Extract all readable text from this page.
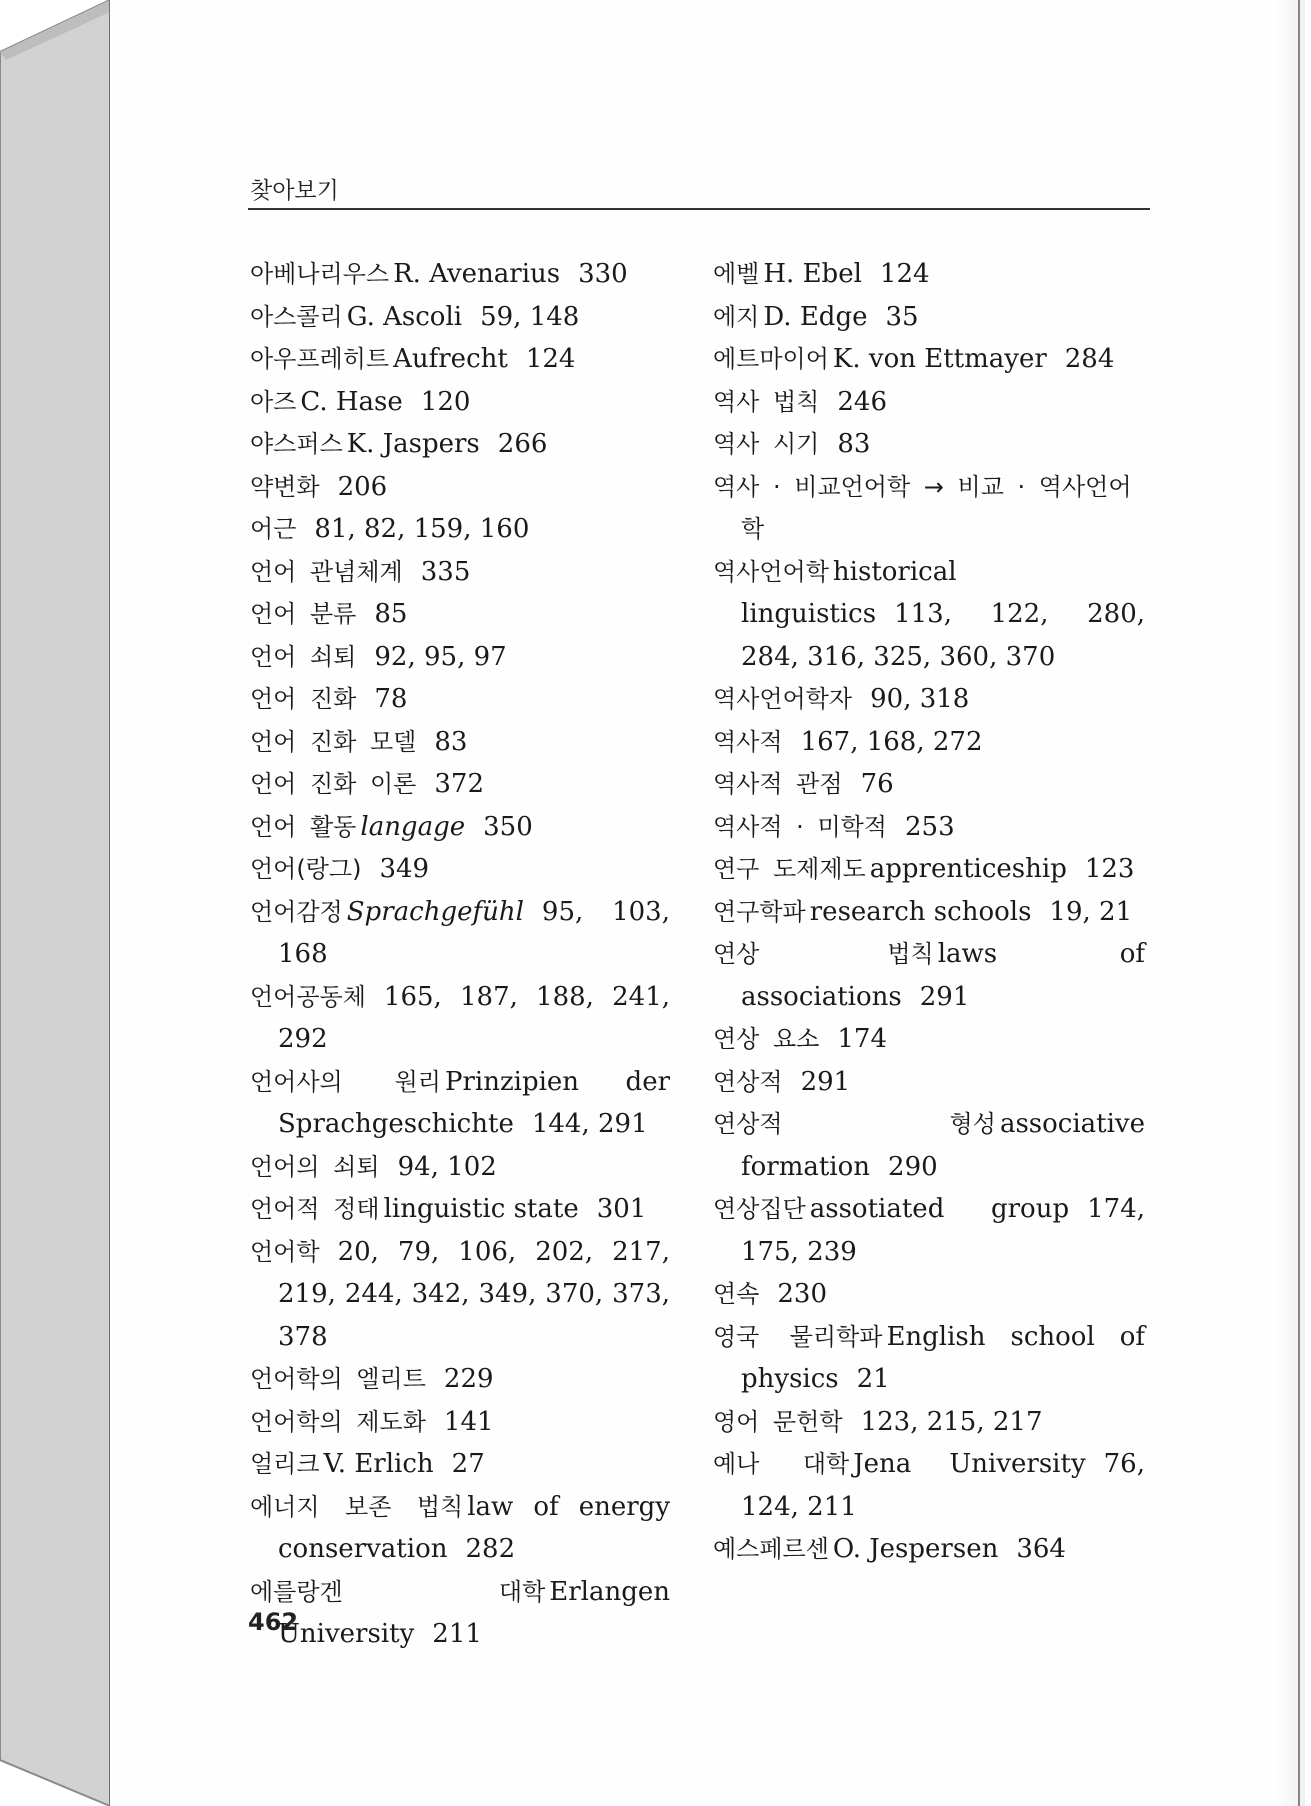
찾아보기

아베나리우스 R. Avenarius 330

아스콜리 G. Ascoli 59, 148

아우프레히트 Aufrecht 124

아즈 C. Hase 120

야스퍼스 K. Jaspers 266

약변화 206

어근 81, 82, 159, 160

언어 관념체계 335

언어 분류 85

언어 쇠퇴 92, 95, 97

언어 진화 78

언어 진화 모델 83

언어 진화 이론 372

언어 활동 langage 350

언어(랑그) 349

언어감정 Sprachgefühl 95, 103, 168

언어공동체 165, 187, 188, 241, 292

언어사의 원리 Prinzipien der Sprachgeschichte 144, 291

언어의 쇠퇴 94, 102

언어적 정태 linguistic state 301

언어학 20, 79, 106, 202, 217, 219, 244, 342, 349, 370, 373, 378

언어학의 엘리트 229

언어학의 제도화 141

얼리크 V. Erlich 27

에너지 보존 법칙 law of energy conservation 282

에를랑겐 대학 Erlangen University 211

에벨 H. Ebel 124

에지 D. Edge 35

에트마이어 K. von Ettmayer 284

역사 법칙 246

역사 시기 83

역사 · 비교언어학 → 비교 · 역사언어학

역사언어학 historical linguistics 113, 122, 280, 284, 316, 325, 360, 370

역사언어학자 90, 318

역사적 167, 168, 272

역사적 관점 76

역사적 · 미학적 253

연구 도제제도 apprenticeship 123

연구학파 research schools 19, 21

연상 법칙 laws of associations 291

연상 요소 174

연상적 291

연상적 형성 associative formation 290

연상집단 assotiated group 174, 175, 239

연속 230

영국 물리학파 English school of physics 21

영어 문헌학 123, 215, 217

예나 대학 Jena University 76, 124, 211

예스페르센 O. Jespersen 364

462
